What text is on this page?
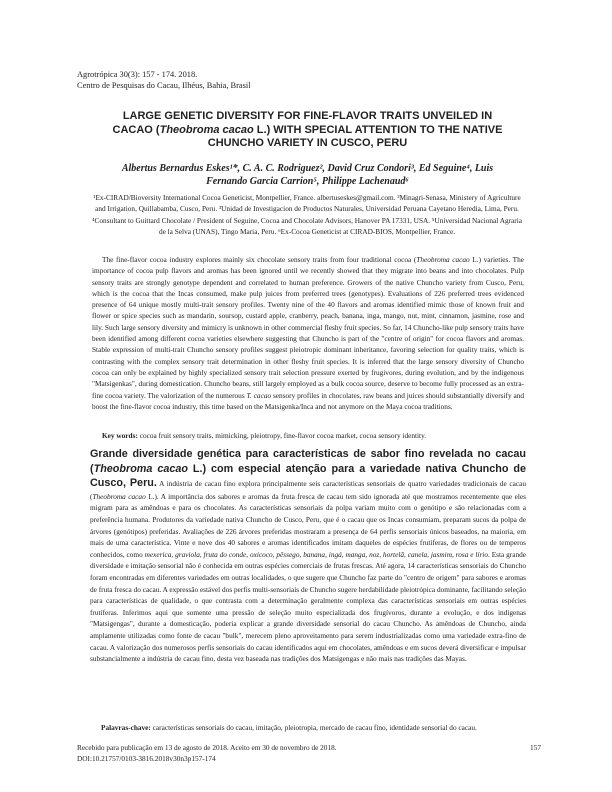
Agrotrópica 30(3): 157 - 174. 2018.
Centro de Pesquisas do Cacau, Ilhéus, Bahia, Brasil
LARGE GENETIC DIVERSITY FOR FINE-FLAVOR TRAITS UNVEILED IN
CACAO (Theobroma cacao L.) WITH SPECIAL ATTENTION TO THE NATIVE
CHUNCHO VARIETY IN CUSCO, PERU
Albertus Bernardus Eskes¹*, C. A. C. Rodriguez², David Cruz Condori³, Ed Seguine⁴, Luis
Fernando Garcia Carrion⁵, Philippe Lachenaud⁶
¹Ex-CIRAD/Bioversity International Cocoa Geneticist, Montpellier, France. albertuseskes@gmail.com. ²Minagri-Senasa, Ministery of Agriculture and Irrigation, Quillabamba, Cusco, Peru. ³Unidad de Investigacion de Productos Naturales, Universidad Peruana Cayetano Heredia, Lima, Peru. ⁴Consultant to Guittard Chocolate / President of Seguine, Cocoa and Chocolate Advisors, Hanover PA 17331, USA. ⁵Universidad Nacional Agraria de la Selva (UNAS), Tingo Maria, Peru. ⁶Ex-Cocoa Geneticist at CIRAD-BIOS, Montpellier, France.

The fine-flavor cocoa industry explores mainly six chocolate sensory traits from four traditional cocoa (Theobroma cacao L.) varieties. The importance of cocoa pulp flavors and aromas has been ignored until we recently showed that they migrate into beans and into chocolates. Pulp sensory traits are strongly genotype dependent and correlated to human preference. Growers of the native Chuncho variety from Cusco, Peru, which is the cocoa that the Incas consumed, make pulp juices from preferred trees (genotypes). Evaluations of 226 preferred trees evidenced presence of 64 unique mostly multi-trait sensory profiles. Twenty nine of the 40 flavors and aromas identified mimic those of known fruit and flower or spice species such as mandarin, soursop, custard apple, cranberry, peach, banana, inga, mango, nut, mint, cinnamon, jasmine, rose and lily. Such large sensory diversity and mimicry is unknown in other commercial fleshy fruit species. So far, 14 Chuncho-like pulp sensory traits have been identified among different cocoa varieties elsewhere suggesting that Chuncho is part of the "centre of origin" for cocoa flavors and aromas. Stable expression of multi-trait Chuncho sensory profiles suggest pleiotropic dominant inheritance, favoring selection for quality traits, which is contrasting with the complex sensory trait determination in other fleshy fruit species. It is inferred that the large sensory diversity of Chuncho cocoa can only be explained by highly specialized sensory trait selection pressure exerted by frugivores, during evolution, and by the indigenous "Matsigenkas", during domestication. Chuncho beans, still largely employed as a bulk cocoa source, deserve to become fully processed as an extra-fine cocoa variety. The valorization of the numerous T. cacao sensory profiles in chocolates, raw beans and juices should substantially diversify and boost the fine-flavor cocoa industry, this time based on the Matsigenka/Inca and not anymore on the Maya cocoa traditions.

Key words: cocoa fruit sensory traits, mimicking, pleiotropy, fine-flavor cocoa market, cocoa sensory identity.
Grande diversidade genética para características de sabor fino revelada no cacau (Theobroma cacao L.) com especial atenção para a variedade nativa Chuncho de Cusco, Peru. A indústria de cacau fino explora principalmente seis características sensoriais de quatro variedades tradicionais de cacau (Theobroma cacao L.). A importância dos sabores e aromas da fruta fresca de cacau tem sido ignorada até que mostramos recentemente que eles migram para as amêndoas e para os chocolates. As características sensoriais da polpa variam muito com o genótipo e são relacionadas com a preferência humana. Produtores da variedade nativa Chuncho de Cusco, Peru, que é o cacau que os Incas consumiam, preparam sucos da polpa de árvores (genótipos) preferidas. Avaliações de 226 árvores preferidas mostraram a presença de 64 perfis sensoriais únicos baseados, na maioria, em mais de uma característica. Vinte e nove dos 40 sabores e aromas identificados imitam daqueles de espécies frutíferas, de flores ou de temperos conhecidos, como mexerica, graviola, fruta do conde, oxicoco, pêssego, banana, ingá, manga, noz, hortelã, canela, jasmim, rosa e lírio. Esta grande diversidade e imitação sensorial não é conhecida em outras espécies comerciais de frutas frescas. Até agora, 14 características sensoriais do Chuncho foram encontradas em diferentes variedades em outras localidades, o que sugere que Chuncho faz parte do "centro de origem" para sabores e aromas de fruta fresca do cacau. A expressão estável dos perfis multi-sensoriais de Chuncho sugere herdabilidade pleiotrópica dominante, facilitando seleção para características de qualidade, o que contrasta com a determinação geralmente complexa das características sensoriais em outras espécies frutíferas. Inferimos aqui que somente uma pressão de seleção muito especializada dos frugívoros, durante a evolução, e dos indígenas "Matsigengas", durante a domesticação, poderia explicar a grande diversidade sensorial do cacau Chuncho. As amêndoas de Chuncho, ainda amplamente utilizadas como fonte de cacau "bulk", merecem pleno aproveitamento para serem industrializadas como uma variedade extra-fino de cacau. A valorização dos numerosos perfis sensoriais do cacau identificados aqui em chocolates, amêndoas e em sucos deverá diversificar e impulsar substancialmente a indústria de cacau fino, desta vez baseada nas tradições dos Matsigengas e não mais nas tradições das Mayas.
Palavras-chave: características sensoriais do cacau, imitação, pleiotropia, mercado de cacau fino, identidade sensorial do cacau.
Recebido para publicação em 13 de agosto de 2018. Aceito em 30 de novembro de 2018.
DOI:10.21757/0103-3816.2018v30n3p157-174
157
